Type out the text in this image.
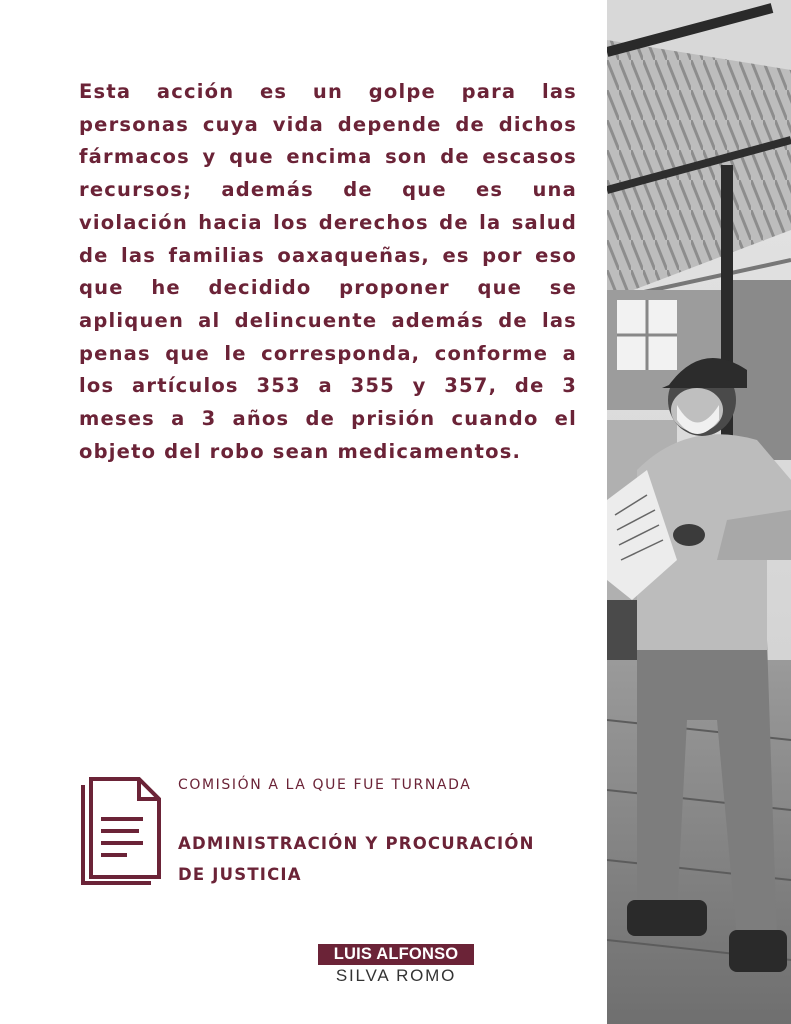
Esta acción es un golpe para las personas cuya vida depende de dichos fármacos y que encima son de escasos recursos; además de que es una violación hacia los derechos de la salud de las familias oaxaqueñas, es por eso que he decidido proponer que se apliquen al delincuente además de las penas que le corresponda, conforme a los artículos 353 a 355 y 357, de 3 meses a 3 años de prisión cuando el objeto del robo sean medicamentos.

COMISIÓN A LA QUE FUE TURNADA
ADMINISTRACIÓN Y PROCURACIÓN DE JUSTICIA
LUIS ALFONSO
SILVA ROMO
